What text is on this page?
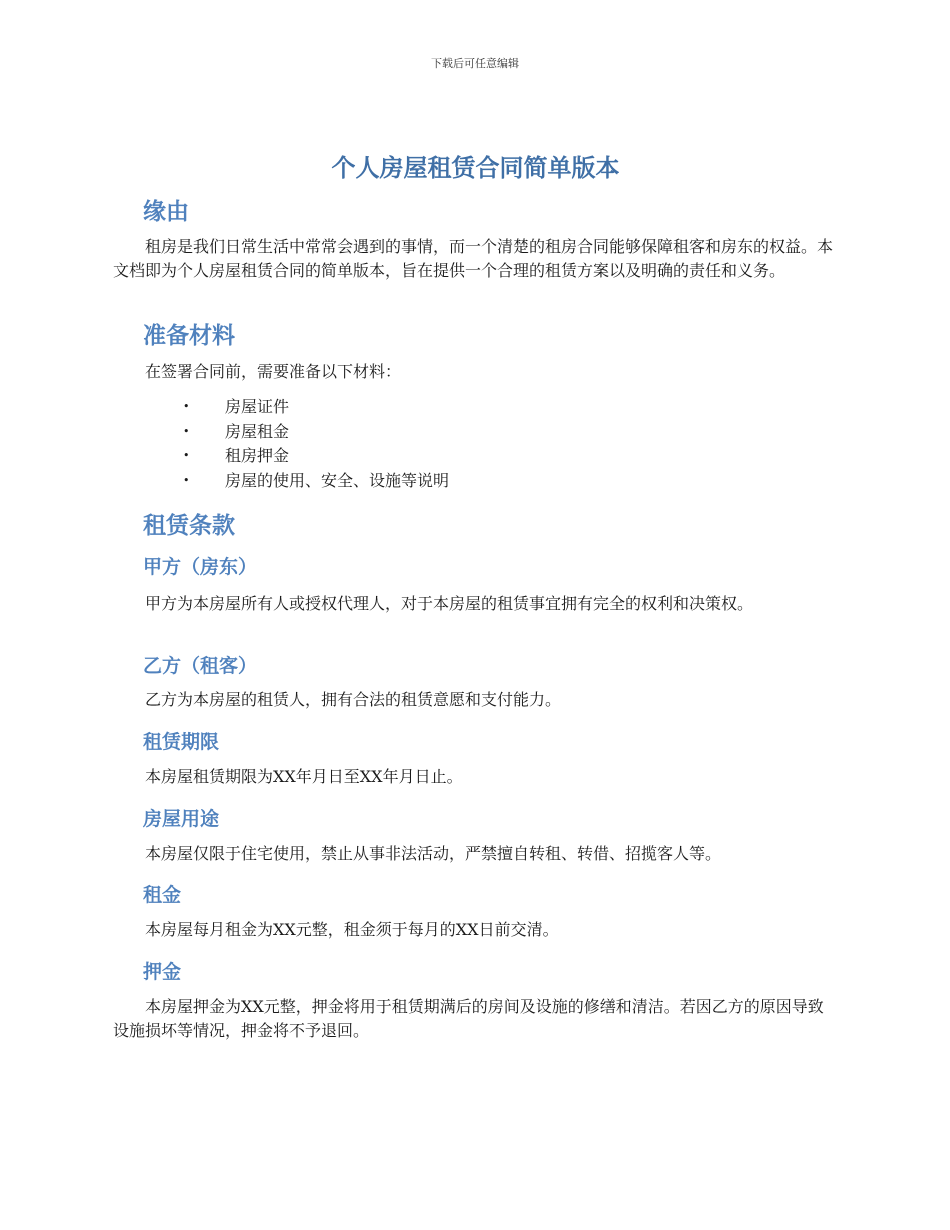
下载后可任意编辑
个人房屋租赁合同简单版本
缘由

租房是我们日常生活中常常会遇到的事情，而一个清楚的租房合同能够保障租客和房东的权益。本文档即为个人房屋租赁合同的简单版本，旨在提供一个合理的租赁方案以及明确的责任和义务。

准备材料

在签署合同前，需要准备以下材料：

• 房屋证件
• 房屋租金
• 租房押金
• 房屋的使用、安全、设施等说明
租赁条款
甲方（房东）

甲方为本房屋所有人或授权代理人，对于本房屋的租赁事宜拥有完全的权利和决策权。

乙方（租客）

乙方为本房屋的租赁人，拥有合法的租赁意愿和支付能力。

租赁期限

本房屋租赁期限为XX年月日至XX年月日止。

房屋用途

本房屋仅限于住宅使用，禁止从事非法活动，严禁擅自转租、转借、招揽客人等。

租金

本房屋每月租金为XX元整，租金须于每月的XX日前交清。

押金

本房屋押金为XX元整，押金将用于租赁期满后的房间及设施的修缮和清洁。若因乙方的原因导致设施损坏等情况，押金将不予退回。
